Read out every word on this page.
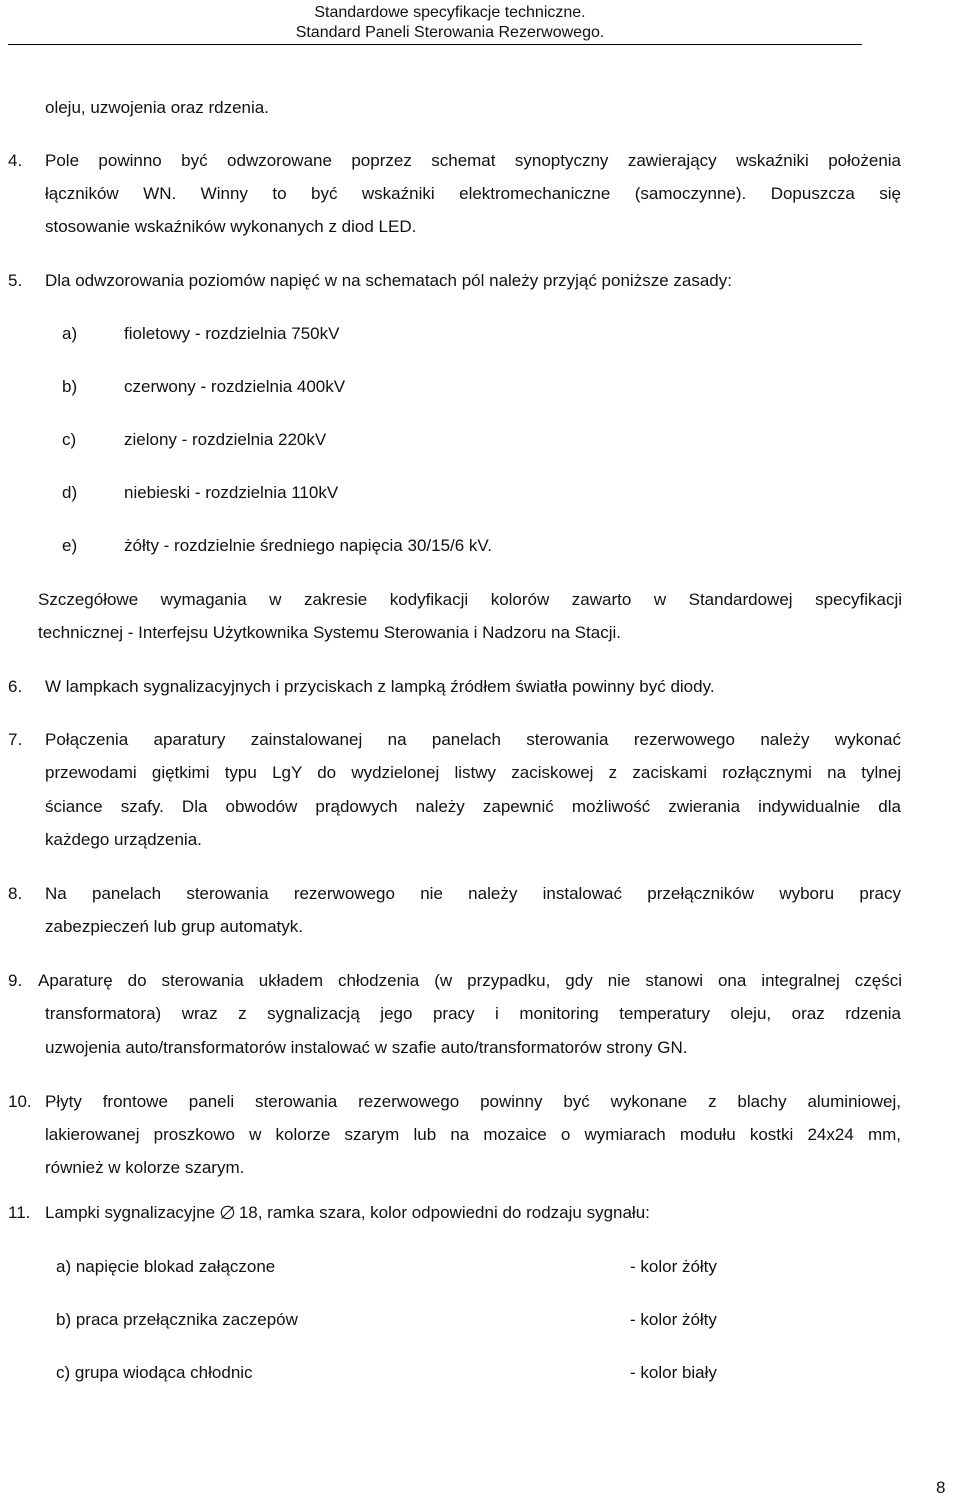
Standardowe specyfikacje techniczne.
Standard Paneli Sterowania Rezerwowego.
oleju, uzwojenia oraz rdzenia.
4. Pole powinno być odwzorowane poprzez schemat synoptyczny zawierający wskaźniki położenia
łączników WN. Winny to być wskaźniki elektromechaniczne (samoczynne). Dopuszcza się
stosowanie wskaźników wykonanych z diod LED.
5. Dla odwzorowania poziomów napięć w na schematach pól należy przyjąć poniższe zasady:
a)	fioletowy - rozdzielnia 750kV
b)	czerwony - rozdzielnia 400kV
c)	zielony - rozdzielnia 220kV
d)	niebieski - rozdzielnia 110kV
e)	żółty - rozdzielnie średniego napięcia 30/15/6 kV.
Szczegółowe wymagania w zakresie kodyfikacji kolorów zawarto w Standardowej specyfikacji
technicznej - Interfejsu Użytkownika Systemu Sterowania i Nadzoru na Stacji.
6. W lampkach sygnalizacyjnych i przyciskach z lampką źródłem światła powinny być diody.
7. Połączenia aparatury zainstalowanej na panelach sterowania rezerwowego należy wykonać
przewodami giętkimi typu LgY do wydzielonej listwy zaciskowej z zaciskami rozłącznymi na tylnej
ściance szafy. Dla obwodów prądowych należy zapewnić możliwość zwierania indywidualnie dla
każdego urządzenia.
8. Na panelach sterowania rezerwowego nie należy instalować przełączników wyboru pracy
zabezpieczeń lub grup automatyk.
9. Aparaturę do sterowania układem chłodzenia (w przypadku, gdy nie stanowi ona integralnej części
transformatora) wraz z sygnalizacją jego pracy i monitoring temperatury oleju, oraz rdzenia
uzwojenia auto/transformatorów instalować w szafie auto/transformatorów strony GN.
10. Płyty frontowe paneli sterowania rezerwowego powinny być wykonane z blachy aluminiowej,
lakierowanej proszkowo w kolorze szarym lub na mozaice o wymiarach modułu kostki 24x24 mm,
również w kolorze szarym.
11. Lampki sygnalizacyjne 18, ramka szara, kolor odpowiedni do rodzaju sygnału:
a) napięcie blokad załączone	- kolor żółty
b) praca przełącznika zaczepów	- kolor żółty
c) grupa wiodąca chłodnic	- kolor biały
8
